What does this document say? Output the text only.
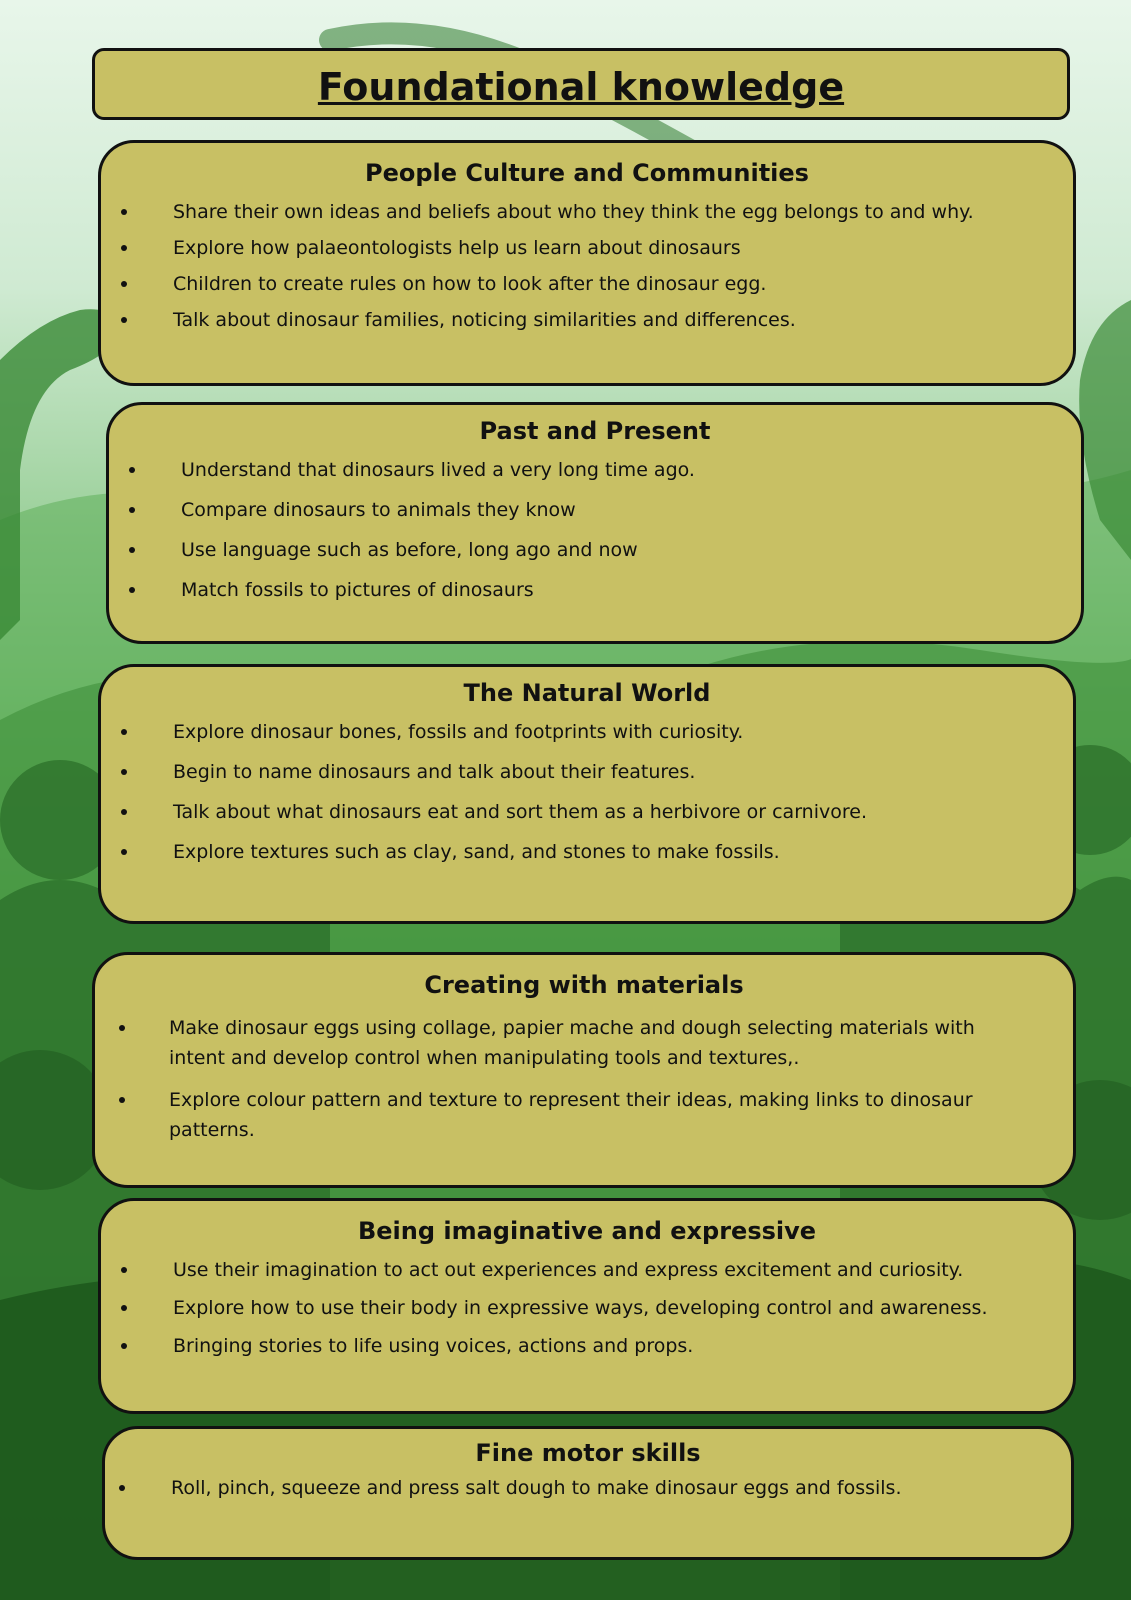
Foundational knowledge
People Culture and Communities
Share their own ideas and beliefs about who they think the egg belongs to and why.
Explore how palaeontologists help us learn about dinosaurs
Children to create rules on how to look after the dinosaur egg.
Talk about dinosaur families, noticing similarities and differences.
Past and Present
Understand that dinosaurs lived a very long time ago.
Compare dinosaurs to animals they know
Use language such as before, long ago and now
Match fossils to pictures of dinosaurs
The Natural World
Explore dinosaur bones, fossils and footprints with curiosity.
Begin to name dinosaurs and talk about their features.
Talk about what dinosaurs eat and sort them as a herbivore or carnivore.
Explore textures such as clay, sand, and stones to make fossils.
Creating with materials
Make dinosaur eggs using collage, papier mache and dough selecting materials with intent and develop control when manipulating tools and textures,.
Explore colour pattern and texture to represent their ideas, making links to dinosaur patterns.
Being imaginative and expressive
Use their imagination to act out experiences and express excitement and curiosity.
Explore how to use their body in expressive ways, developing control and awareness.
Bringing stories to life using voices, actions and props.
Fine motor skills
Roll, pinch, squeeze and press salt dough to make dinosaur eggs and fossils.
